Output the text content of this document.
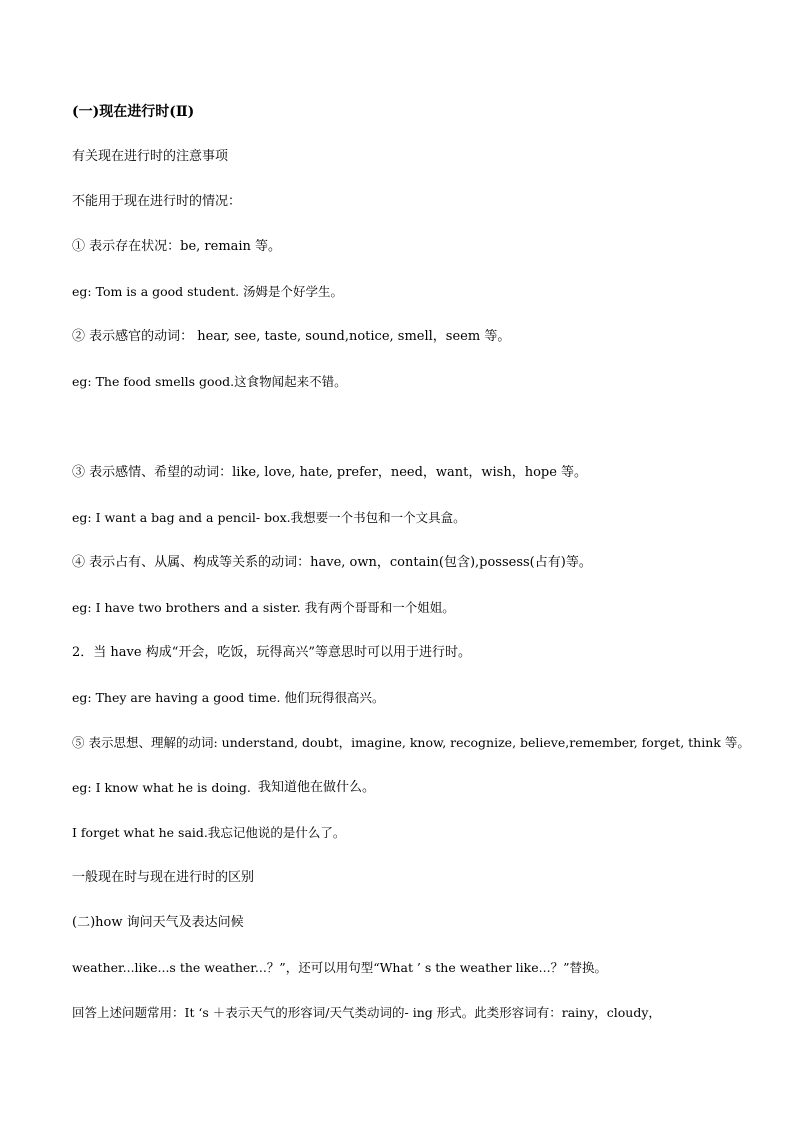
(一)现在进行时(Ⅱ)
有关现在进行时的注意事项
不能用于现在进行时的情况：
① 表示存在状况：be, remain 等。
eg: Tom is a good student. 汤姆是个好学生。
② 表示感官的动词： hear, see, taste, sound,notice, smell，seem 等。
eg: The food smells good.这食物闻起来不错。
③ 表示感情、希望的动词：like, love, hate, prefer，need，want，wish，hope 等。
eg: I want a bag and a pencil- box.我想要一个书包和一个文具盒。
④ 表示占有、从属、构成等关系的动词：have, own，contain(包含),possess(占有)等。
eg: I have two brothers and a sister. 我有两个哥哥和一个姐姐。
2．当 have 构成“开会，吃饭，玩得高兴”等意思时可以用于进行时。
eg: They are having a good time. 他们玩得很高兴。
⑤ 表示思想、理解的动词: understand, doubt，imagine, know, recognize, believe,remember, forget, think 等。
eg: I know what he is doing. 我知道他在做什么。
I forget what he said.我忘记他说的是什么了。
一般现在时与现在进行时的区别
(二)how 询问天气及表达问候
weather...like...s the weather...？”，还可以用句型“What ’ s the weather like...？”替换。
回答上述问题常用：It ‘s ＋表示天气的形容词/天气类动词的- ing 形式。此类形容词有：rainy，cloudy，
